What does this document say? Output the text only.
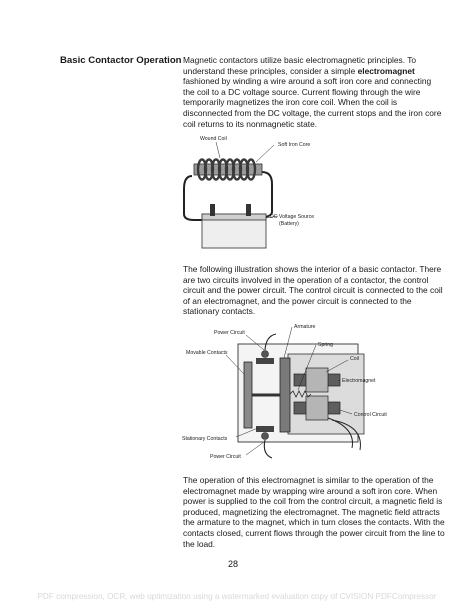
Basic Contactor Operation Magnetic contactors utilize basic electromagnetic principles. To understand these principles, consider a simple electromagnet fashioned by winding a wire around a soft iron core and connecting the coil to a DC voltage source. Current flowing through the wire temporarily magnetizes the iron core coil. When the coil is disconnected from the DC voltage, the current stops and the iron core coil returns to its nonmagnetic state.

Wound Coil
Soft Iron Core
DC Voltage Source
(Battery)

The following illustration shows the interior of a basic contactor. There are two circuits involved in the operation of a contactor, the control circuit and the power circuit. The control circuit is connected to the coil of an electromagnet, and the power circuit is connected to the stationary contacts.

Armature
Power Circuit
Spring
Movable Contacts
Coil
Electromagnet
Control Circuit
Stationary Contacts
Power Circuit

The operation of this electromagnet is similar to the operation of the electromagnet made by wrapping wire around a soft iron core. When power is supplied to the coil from the control circuit, a magnetic field is produced, magnetizing the electromagnet. The magnetic field attracts the armature to the magnet, which in turn closes the contacts. With the contacts closed, current flows through the power circuit from the line to the load.

28
PDF compression, OCR, web optimization using a watermarked evaluation copy of CVISION PDFCompressor
